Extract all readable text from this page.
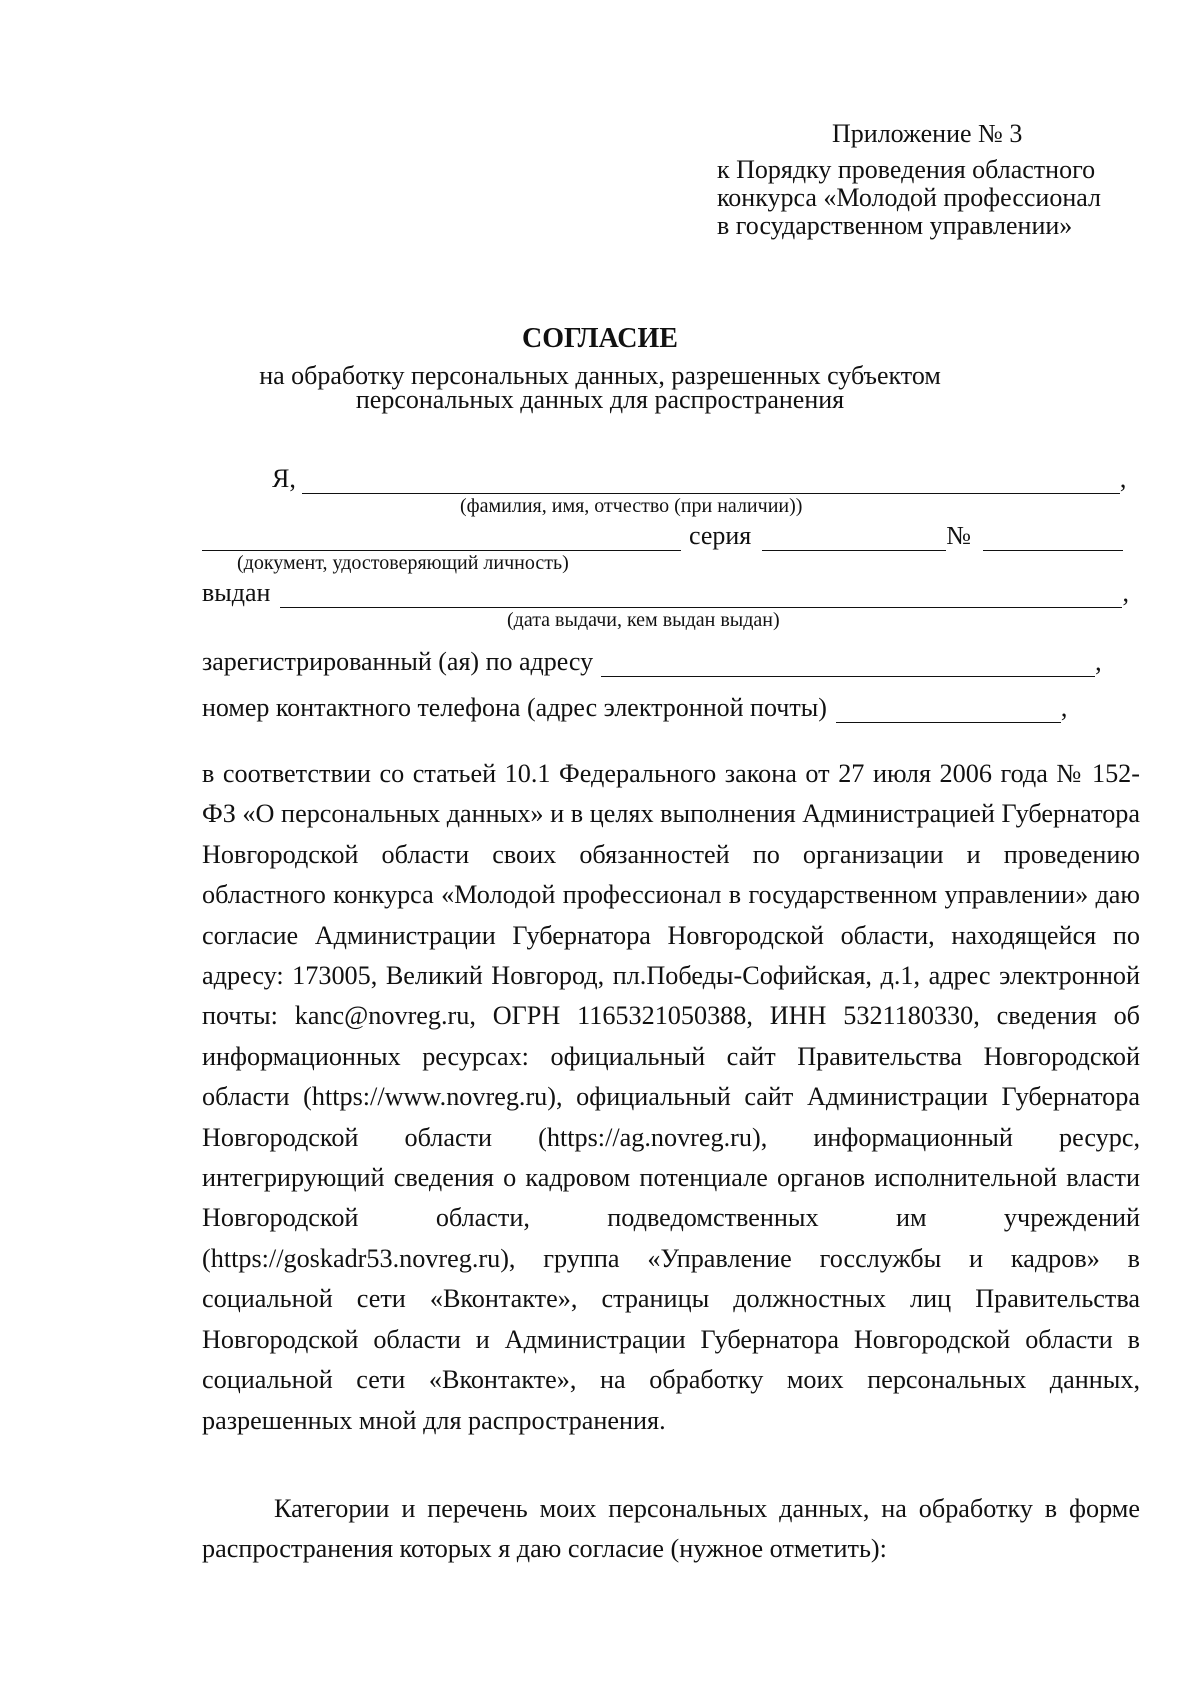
Приложение № 3
к Порядку проведения областного
конкурса «Молодой профессионал
в государственном управлении»
СОГЛАСИЕ
на обработку персональных данных, разрешенных субъектом
персональных данных для распространения
Я,	,
(фамилия, имя, отчество (при наличии))
серия	№
(документ, удостоверяющий личность)
выдан	,
(дата выдачи, кем выдан выдан)
зарегистрированный (ая) по адресу	,
номер контактного телефона (адрес электронной почты)	,

в соответствии со статьей 10.1 Федерального закона от 27 июля 2006 года № 152-ФЗ «О персональных данных» и в целях выполнения Администрацией Губернатора Новгородской области своих обязанностей по организации и проведению областного конкурса «Молодой профессионал в государственном управлении» даю согласие Администрации Губернатора Новгородской области, находящейся по адресу: 173005, Великий Новгород, пл.Победы-Софийская, д.1, адрес электронной почты: kanc@novreg.ru, ОГРН 1165321050388, ИНН 5321180330, сведения об информационных ресурсах: официальный сайт Правительства Новгородской области (https://www.novreg.ru), официальный сайт Администрации Губернатора Новгородской области (https://ag.novreg.ru), информационный ресурс, интегрирующий сведения о кадровом потенциале органов исполнительной власти Новгородской области, подведомственных им учреждений (https://goskadr53.novreg.ru), группа «Управление госслужбы и кадров» в социальной сети «Вконтакте», страницы должностных лиц Правительства Новгородской области и Администрации Губернатора Новгородской области в социальной сети «Вконтакте», на обработку моих персональных данных, разрешенных мной для распространения.

Категории и перечень моих персональных данных, на обработку в форме распространения которых я даю согласие (нужное отметить):
